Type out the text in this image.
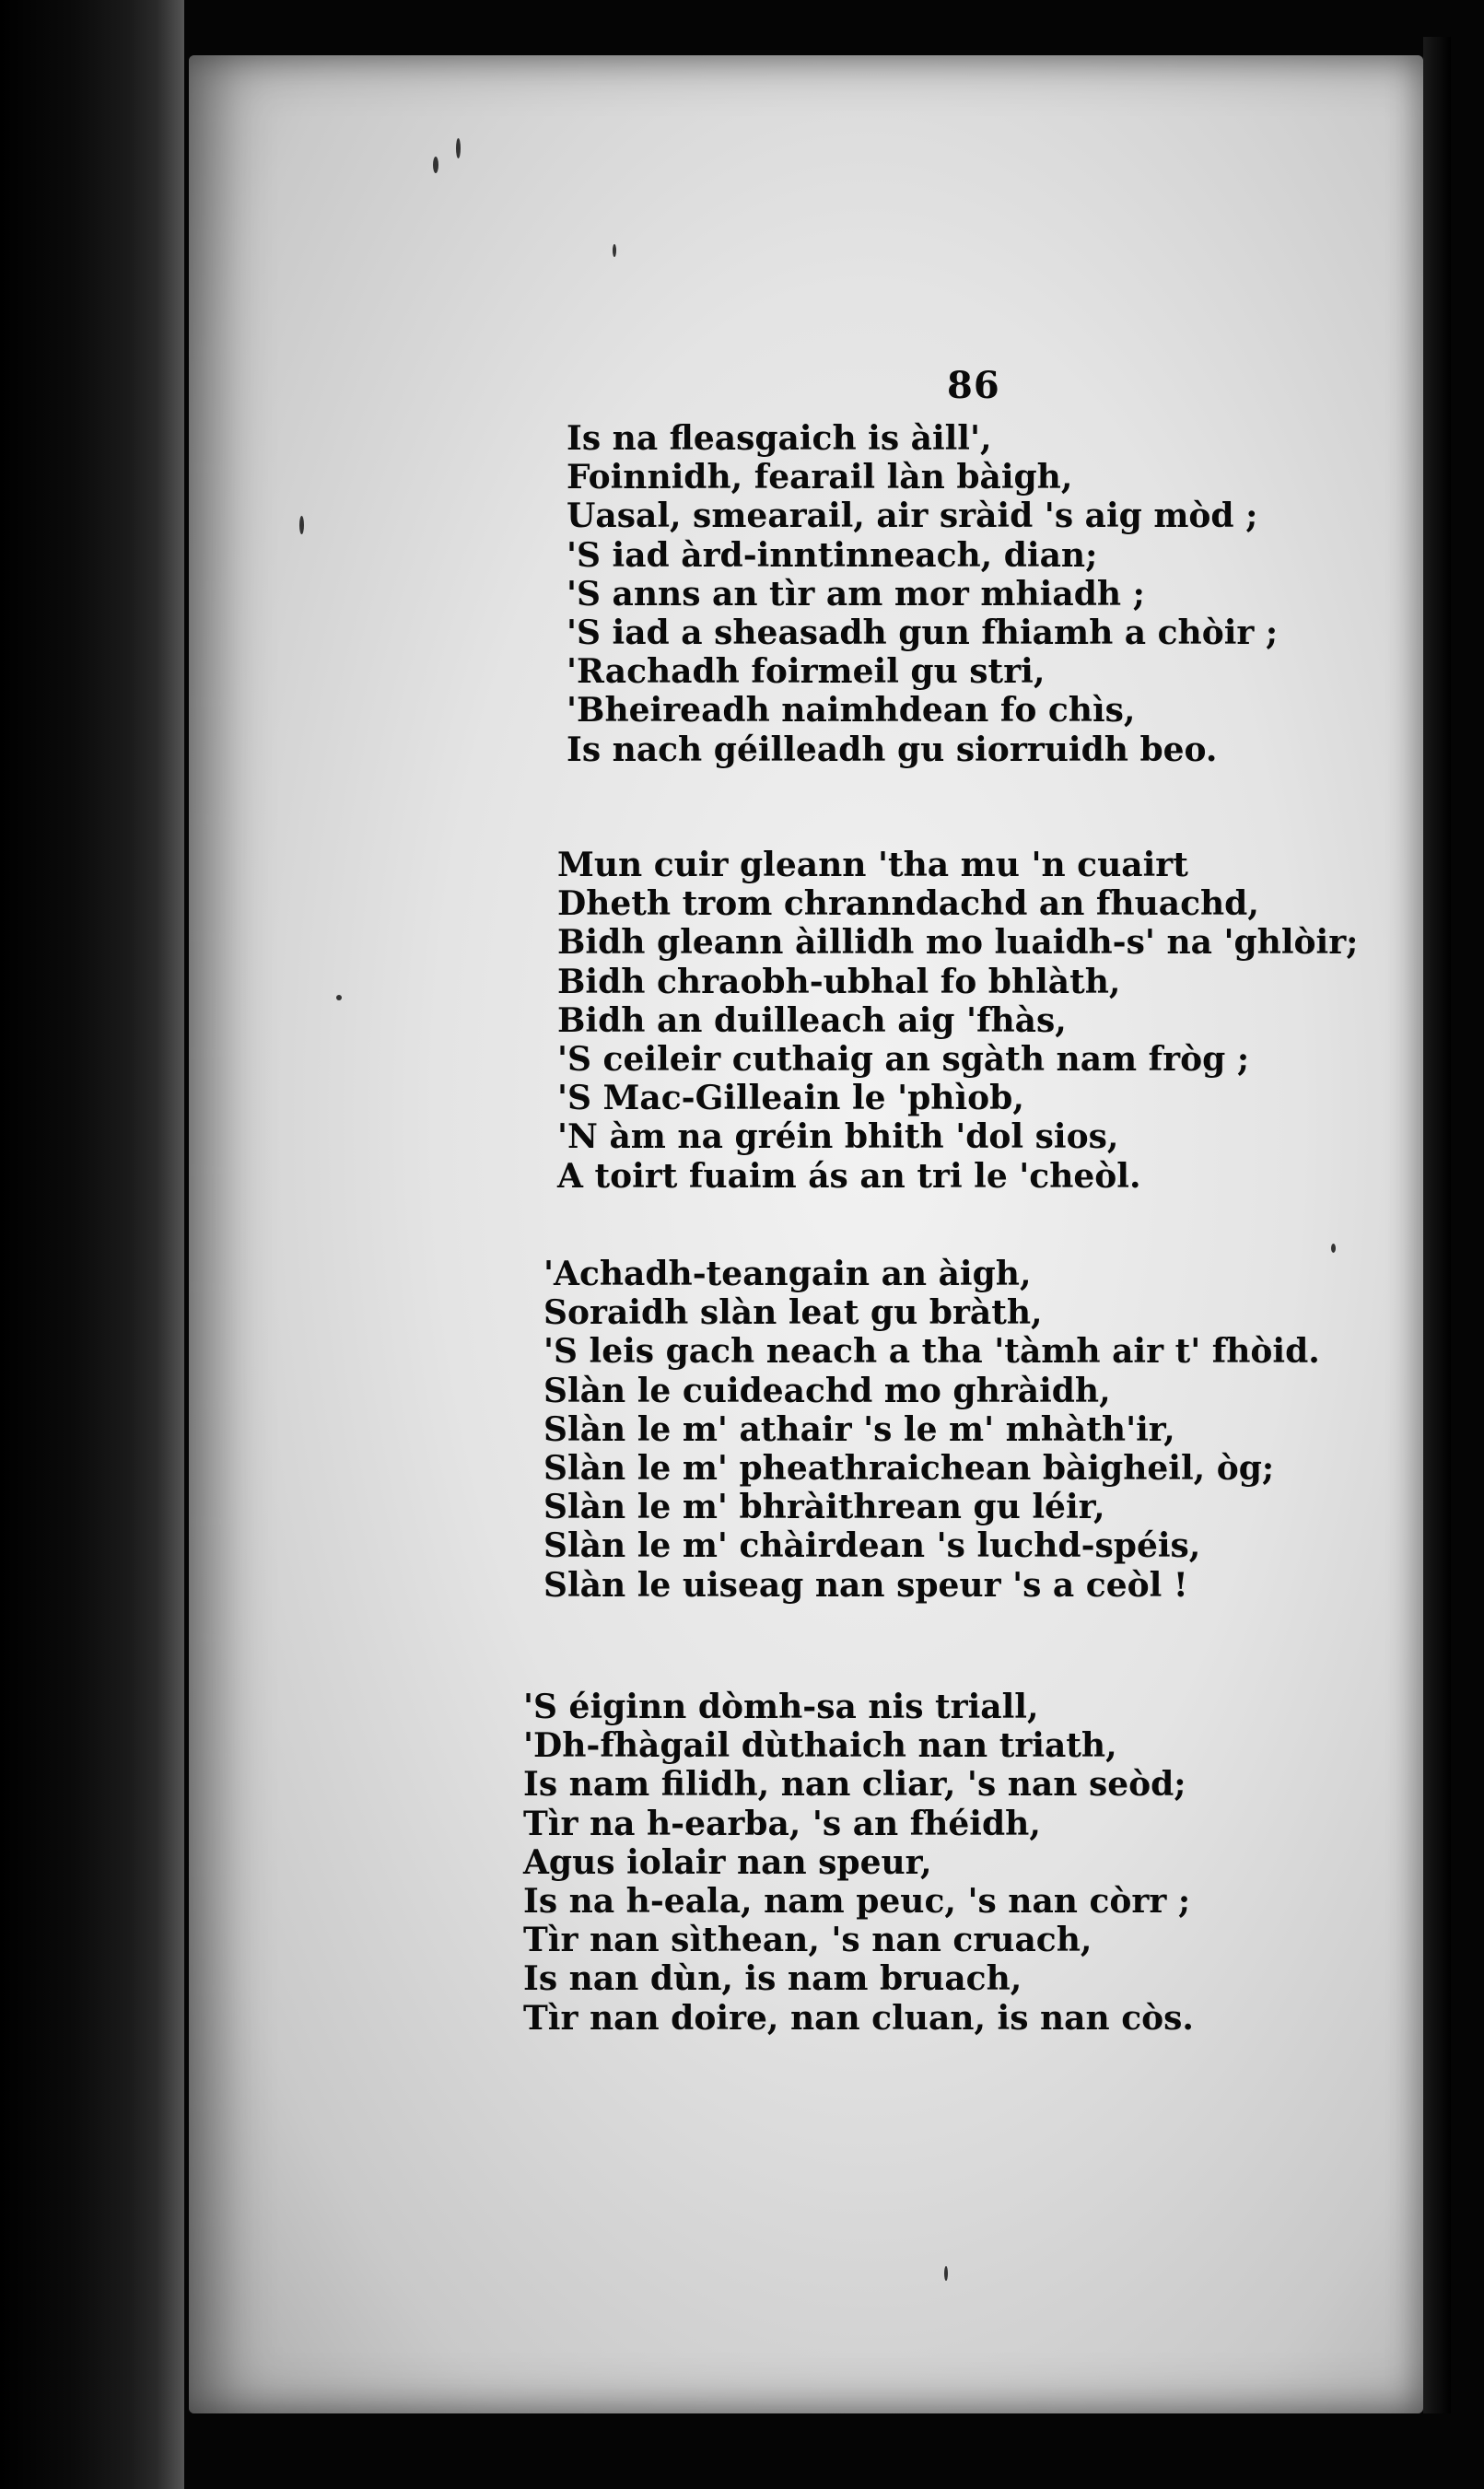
86
Is na fleasgaich is àill',
Foinnidh, fearail làn bàigh,
Uasal, smearail, air sràid 's aig mòd ;
'S iad àrd-inntinneach, dian;
'S anns an tìr am mor mhiadh ;
'S iad a sheasadh gun fhiamh a chòir ;
'Rachadh foirmeil gu stri,
'Bheireadh naimhdean fo chìs,
Is nach géilleadh gu siorruidh beo.
Mun cuir gleann 'tha mu 'n cuairt
Dheth trom chranndachd an fhuachd,
Bidh gleann àillidh mo luaidh-s' na 'ghlòir;
Bidh chraobh-ubhal fo bhlàth,
Bidh an duilleach aig 'fhàs,
'S ceileir cuthaig an sgàth nam fròg ;
'S Mac-Gilleain le 'phìob,
'N àm na gréin bhith 'dol sios,
A toirt fuaim ás an tri le 'cheòl.
'Achadh-teangain an àigh,
Soraidh slàn leat gu bràth,
'S leis gach neach a tha 'tàmh air t' fhòid.
Slàn le cuideachd mo ghràidh,
Slàn le m' athair 's le m' mhàth'ir,
Slàn le m' pheathraichean bàigheil, òg;
Slàn le m' bhràithrean gu léir,
Slàn le m' chàirdean 's luchd-spéis,
Slàn le uiseag nan speur 's a ceòl !
'S éiginn dòmh-sa nis triall,
'Dh-fhàgail dùthaich nan triath,
Is nam filidh, nan cliar, 's nan seòd;
Tìr na h-earba, 's an fhéidh,
Agus iolair nan speur,
Is na h-eala, nam peuc, 's nan còrr ;
Tìr nan sìthean, 's nan cruach,
Is nan dùn, is nam bruach,
Tìr nan doire, nan cluan, is nan còs.
